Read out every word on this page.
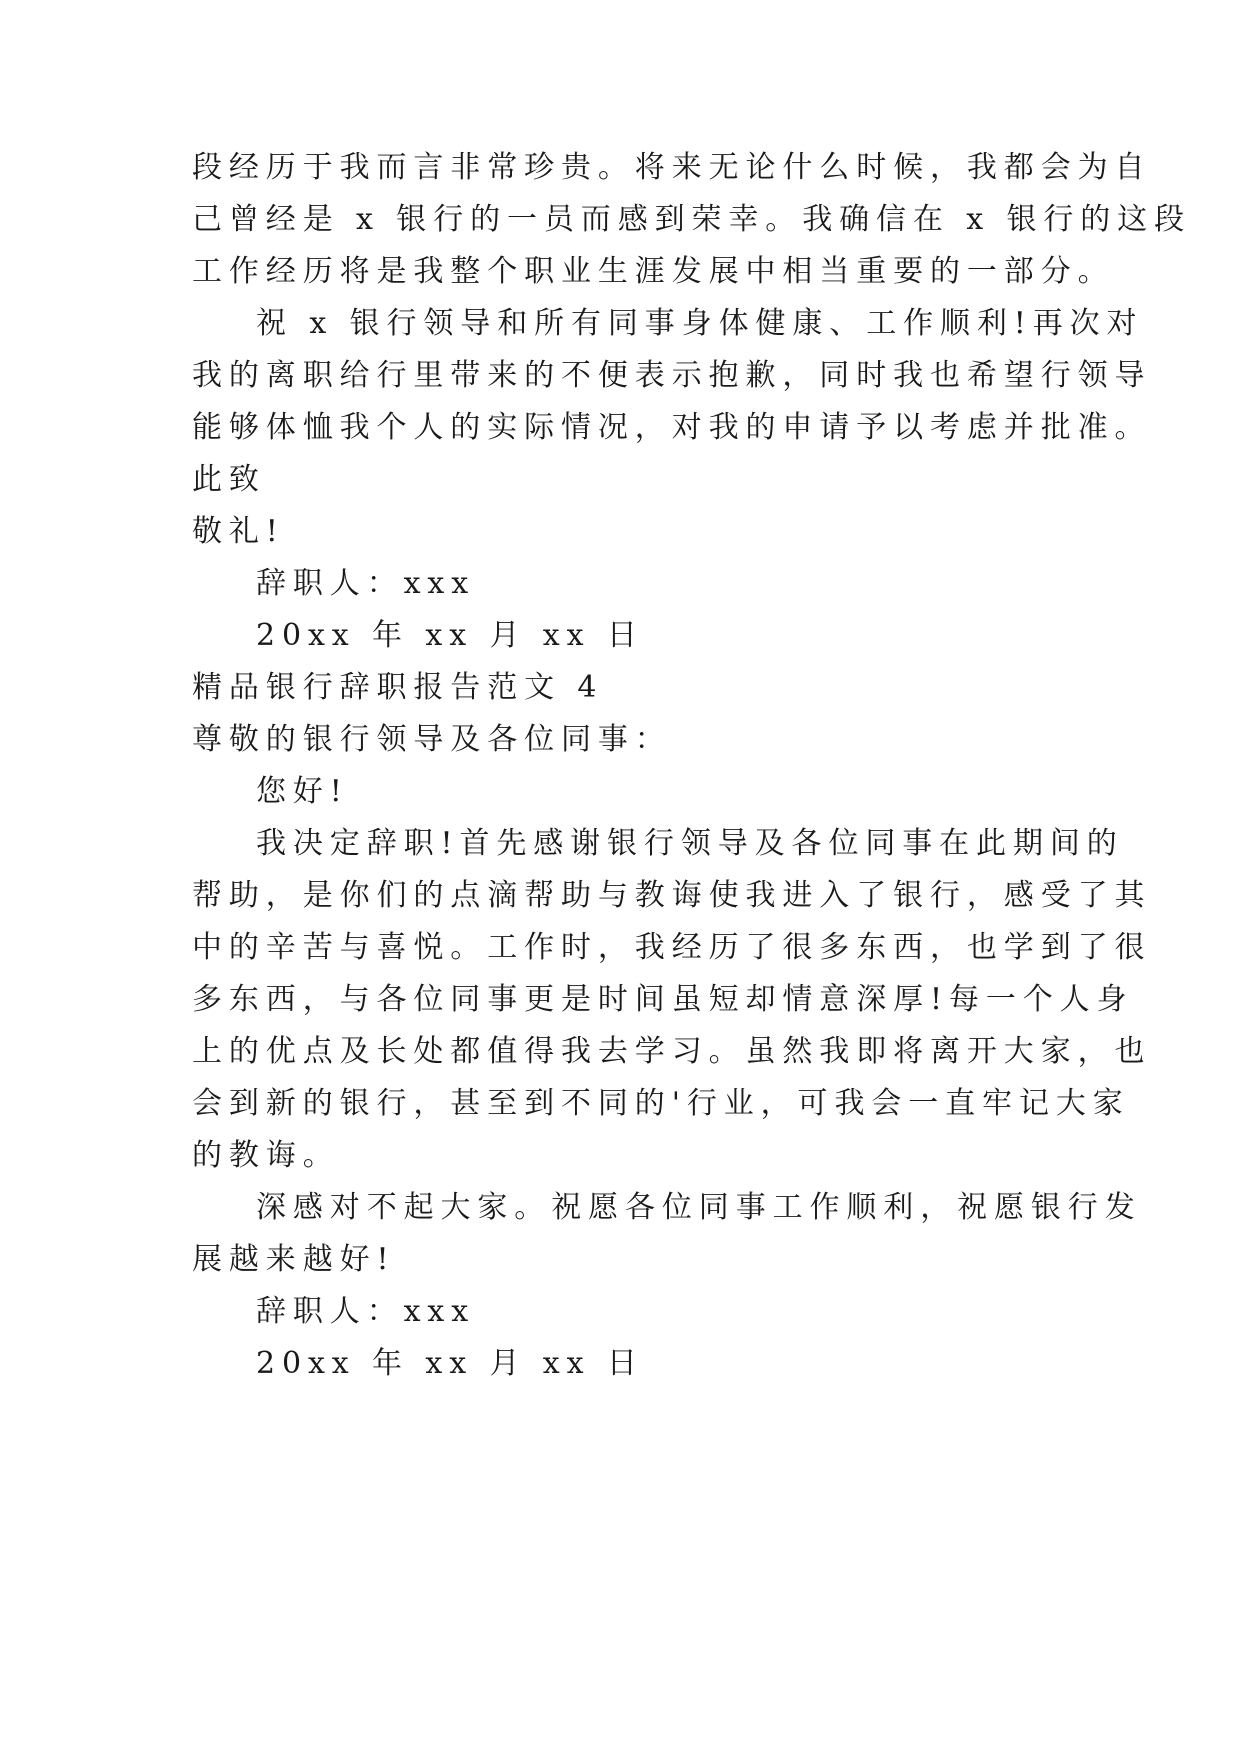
段经历于我而言非常珍贵。将来无论什么时候，我都会为自
己曾经是 x 银行的一员而感到荣幸。我确信在 x 银行的这段
工作经历将是我整个职业生涯发展中相当重要的一部分。
祝 x 银行领导和所有同事身体健康、工作顺利!再次对
我的离职给行里带来的不便表示抱歉，同时我也希望行领导
能够体恤我个人的实际情况，对我的申请予以考虑并批准。
此致
敬礼!
辞职人：xxx
20xx 年 xx 月 xx 日
精品银行辞职报告范文 4
尊敬的银行领导及各位同事：
您好!
我决定辞职!首先感谢银行领导及各位同事在此期间的
帮助，是你们的点滴帮助与教诲使我进入了银行，感受了其
中的辛苦与喜悦。工作时，我经历了很多东西，也学到了很
多东西，与各位同事更是时间虽短却情意深厚!每一个人身
上的优点及长处都值得我去学习。虽然我即将离开大家，也
会到新的银行，甚至到不同的'行业，可我会一直牢记大家
的教诲。
深感对不起大家。祝愿各位同事工作顺利，祝愿银行发
展越来越好!
辞职人：xxx
20xx 年 xx 月 xx 日
